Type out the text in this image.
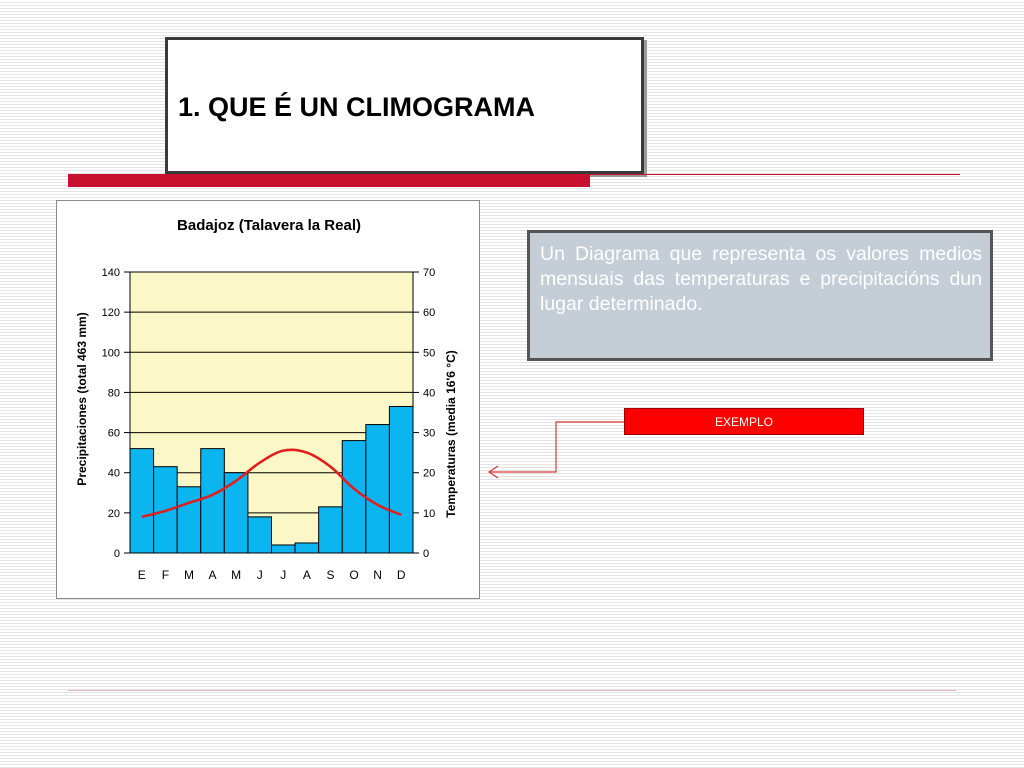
1. QUE É UN CLIMOGRAMA
Badajoz (Talavera la Real)
Precipitaciones (total 463 mm)	Temperaturas (media 16'6 °C)
0
20
40
60
80
100
120
140
0
10
20
30
40
50
60
70
E F M A M J J A S O N D

Un Diagrama que representa os valores medios mensuais das temperaturas e precipitacións dun lugar determinado.

EXEMPLO
